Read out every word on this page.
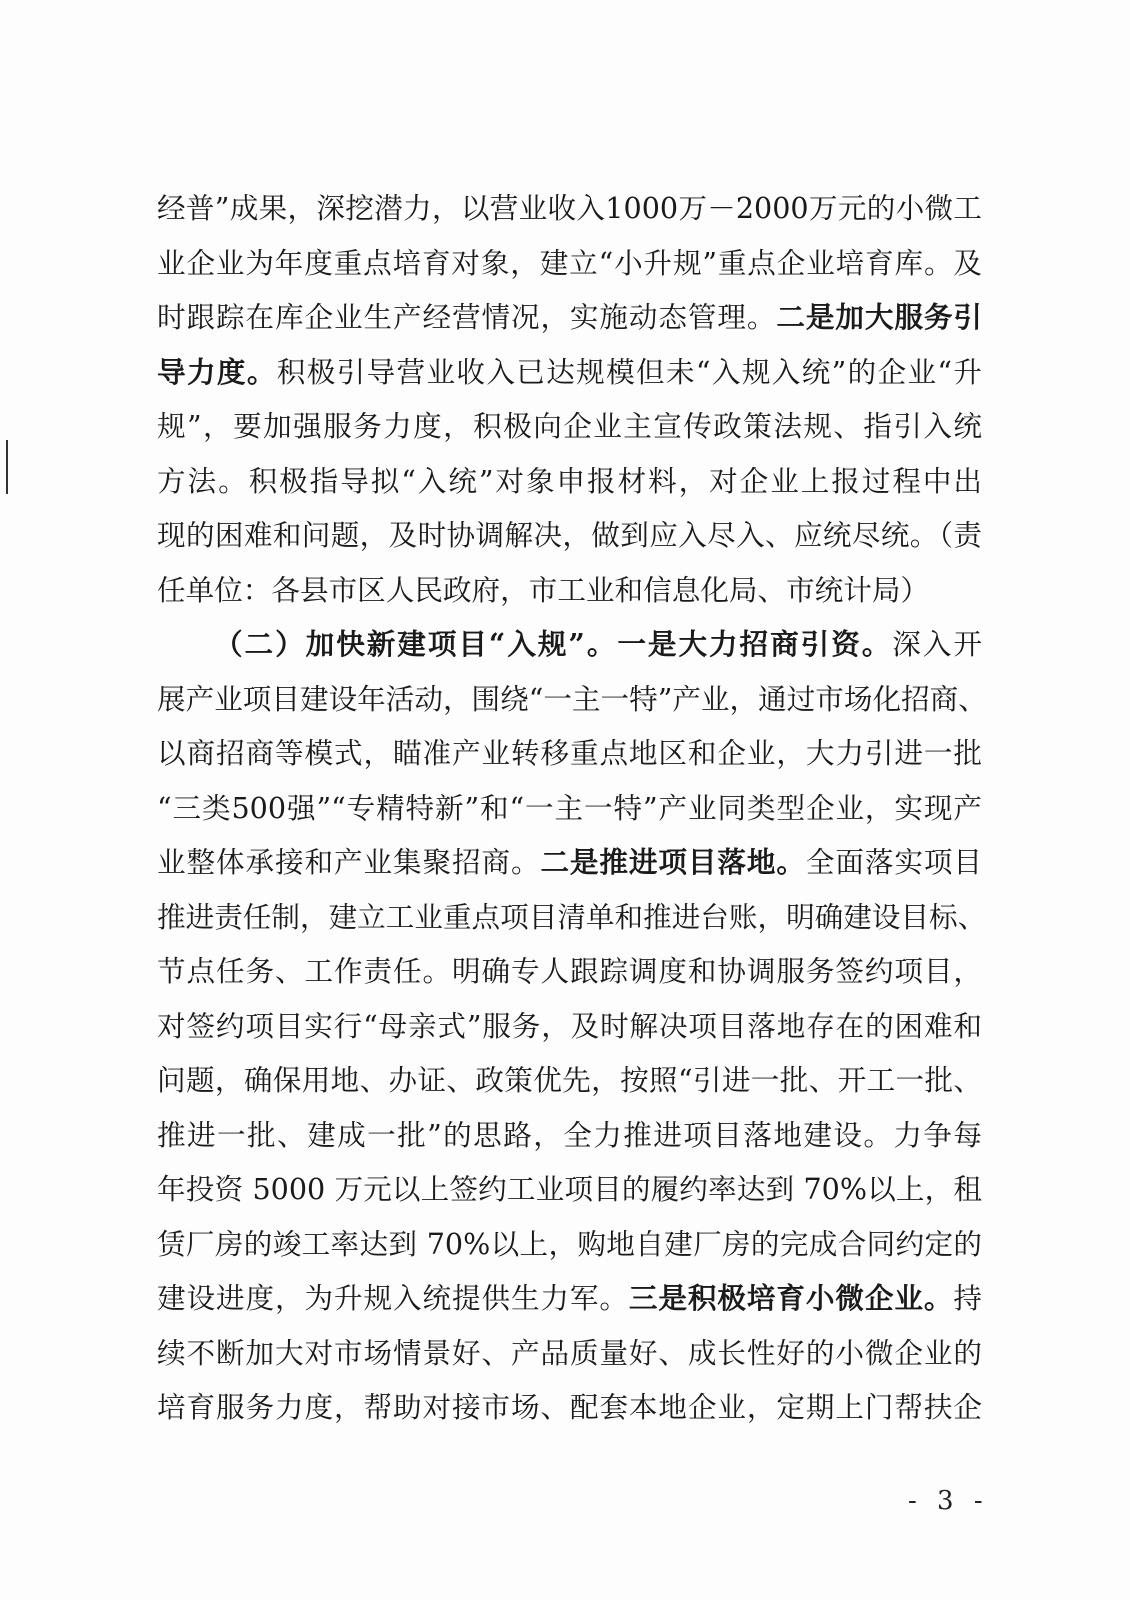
经普”成果，深挖潜力，以营业收入1000万－2000万元的小微工
业企业为年度重点培育对象，建立“小升规”重点企业培育库。及
时跟踪在库企业生产经营情况，实施动态管理。二是加大服务引
导力度。积极引导营业收入已达规模但未“入规入统”的企业“升
规”，要加强服务力度，积极向企业主宣传政策法规、指引入统
方法。积极指导拟“入统”对象申报材料，对企业上报过程中出
现的困难和问题，及时协调解决，做到应入尽入、应统尽统。（责
任单位：各县市区人民政府，市工业和信息化局、市统计局）
（二）加快新建项目“入规”。一是大力招商引资。深入开
展产业项目建设年活动，围绕“一主一特”产业，通过市场化招商、
以商招商等模式，瞄准产业转移重点地区和企业，大力引进一批
“三类500强”“专精特新”和“一主一特”产业同类型企业，实现产
业整体承接和产业集聚招商。二是推进项目落地。全面落实项目
推进责任制，建立工业重点项目清单和推进台账，明确建设目标、
节点任务、工作责任。明确专人跟踪调度和协调服务签约项目，
对签约项目实行“母亲式”服务，及时解决项目落地存在的困难和
问题，确保用地、办证、政策优先，按照“引进一批、开工一批、
推进一批、建成一批”的思路，全力推进项目落地建设。力争每
年投资 5000 万元以上签约工业项目的履约率达到 70%以上，租
赁厂房的竣工率达到 70%以上，购地自建厂房的完成合同约定的
建设进度，为升规入统提供生力军。三是积极培育小微企业。持
续不断加大对市场情景好、产品质量好、成长性好的小微企业的
培育服务力度，帮助对接市场、配套本地企业，定期上门帮扶企
- 3 -
